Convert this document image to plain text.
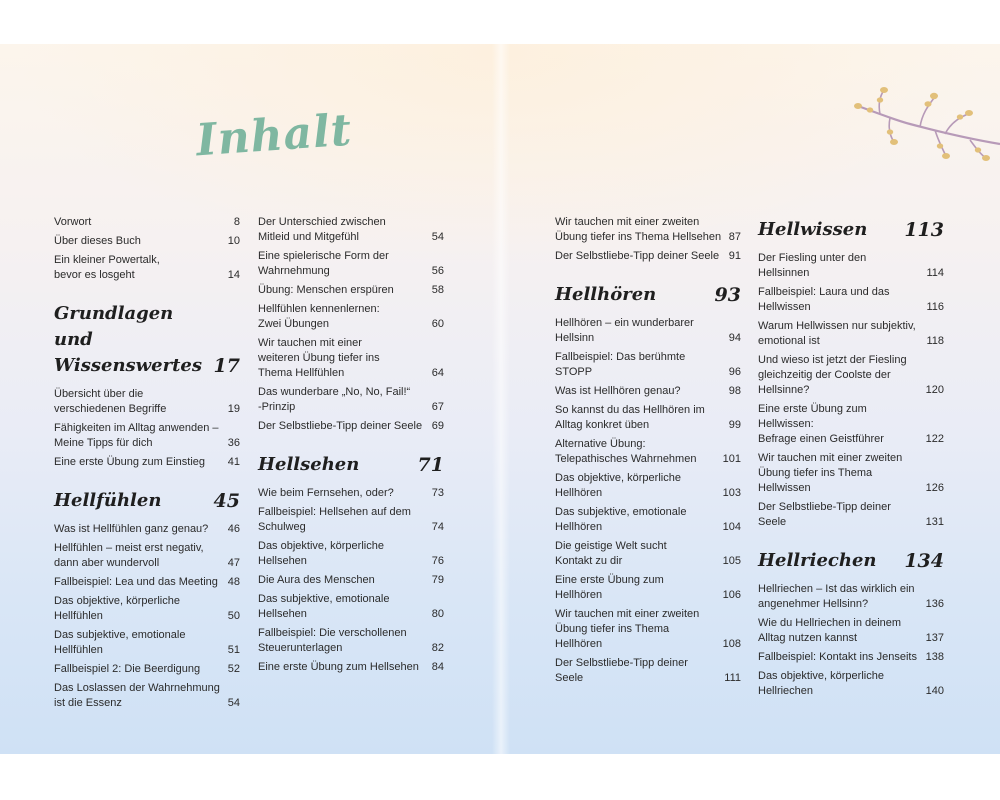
Inhalt
Vorwort	8
Über dieses Buch	10
Ein kleiner Powertalk,
bevor es losgeht	14
Grundlagen und
Wissenswertes 17
Übersicht über die
verschiedenen Begriffe	19
Fähigkeiten im Alltag anwenden –
Meine Tipps für dich	36
Eine erste Übung zum Einstieg	41
Hellfühlen	45
Was ist Hellfühlen ganz genau?	46
Hellfühlen – meist erst negativ,
dann aber wundervoll	47
Fallbeispiel: Lea und das Meeting 48
Das objektive, körperliche
Hellfühlen	50
Das subjektive, emotionale
Hellfühlen	51
Fallbeispiel 2: Die Beerdigung	52
Das Loslassen der Wahrnehmung
ist die Essenz	54
Der Unterschied zwischen
Mitleid und Mitgefühl	54
Eine spielerische Form der
Wahrnehmung	56
Übung: Menschen erspüren	58
Hellfühlen kennenlernen:
Zwei Übungen	60
Wir tauchen mit einer
weiteren Übung tiefer ins
Thema Hellfühlen	64
Das wunderbare „No, No, Fail!“
-Prinzip	67
Der Selbstliebe-Tipp deiner Seele 69
Hellsehen	71
Wie beim Fernsehen, oder?	73
Fallbeispiel: Hellsehen auf dem
Schulweg	74
Das objektive, körperliche
Hellsehen	76
Die Aura des Menschen	79
Das subjektive, emotionale
Hellsehen	80
Fallbeispiel: Die verschollenen
Steuerunterlagen	82
Eine erste Übung zum Hellsehen	84
Wir tauchen mit einer zweiten
Übung tiefer ins Thema Hellsehen 87
Der Selbstliebe-Tipp deiner Seele 91
Hellhören	93
Hellhören – ein wunderbarer
Hellsinn	94
Fallbeispiel: Das berühmte STOPP	96
Was ist Hellhören genau?	98
So kannst du das Hellhören im
Alltag konkret üben	99
Alternative Übung:
Telepathisches Wahrnehmen	101
Das objektive, körperliche
Hellhören	103
Das subjektive, emotionale
Hellhören	104
Die geistige Welt sucht
Kontakt zu dir	105
Eine erste Übung zum
Hellhören	106
Wir tauchen mit einer zweiten
Übung tiefer ins Thema
Hellhören	108
Der Selbstliebe-Tipp deiner Seele	111
Hellwissen 113
Der Fiesling unter den Hellsinnen	114
Fallbeispiel: Laura und das
Hellwissen	116
Warum Hellwissen nur subjektiv,
emotional ist	118
Und wieso ist jetzt der Fiesling
gleichzeitig der Coolste der
Hellsinne?	120
Eine erste Übung zum Hellwissen:
Befrage einen Geistführer	122
Wir tauchen mit einer zweiten
Übung tiefer ins Thema
Hellwissen	126
Der Selbstliebe-Tipp deiner Seele	131
Hellriechen 134
Hellriechen – Ist das wirklich ein
angenehmer Hellsinn?	136
Wie du Hellriechen in deinem
Alltag nutzen kannst	137
Fallbeispiel: Kontakt ins Jenseits 138
Das objektive, körperliche
Hellriechen	140
